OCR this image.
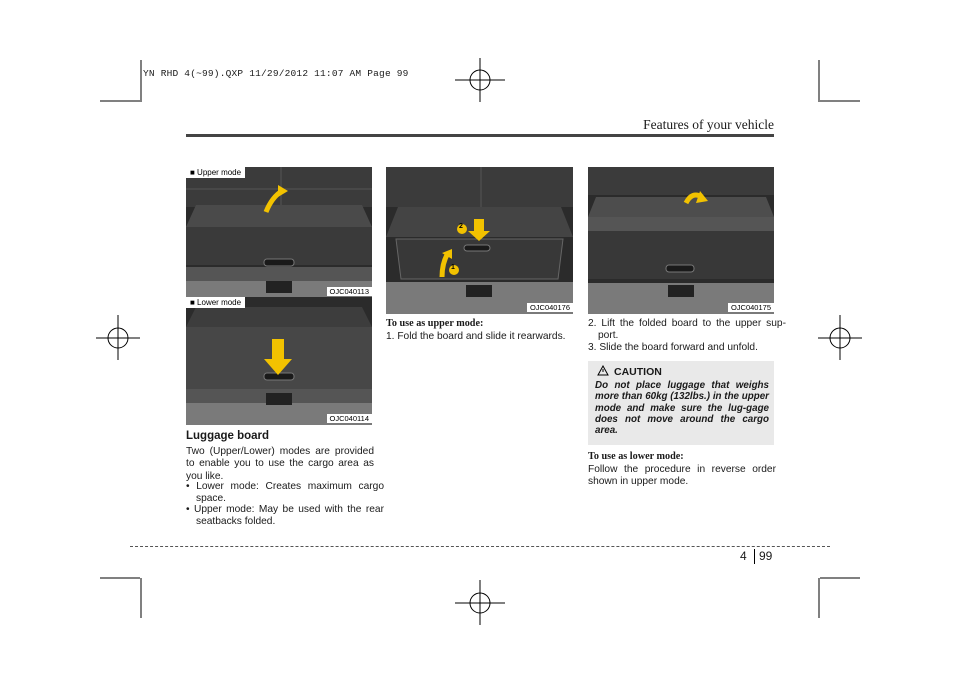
YN RHD 4(~99).QXP 11/29/2012 11:07 AM Page 99
Features of your vehicle
■ Upper mode
OJC040113
■ Lower mode
OJC040114
1
2
OJC040176	OJC040175
Luggage board
Two (Upper/Lower) modes are provided to enable you to use the cargo area as you like.
• Lower mode: Creates maximum cargo space.
• Upper mode: May be used with the rear seatbacks folded.
To use as upper mode:
1. Fold the board and slide it rearwards.
2. Lift the folded board to the upper sup-port.
3. Slide the board forward and unfold.
CAUTION
Do not place luggage that weighs more than 60kg (132lbs.) in the upper mode and make sure the lug-gage does not move around the cargo area.
To use as lower mode:
Follow the procedure in reverse order shown in upper mode.
4 99
